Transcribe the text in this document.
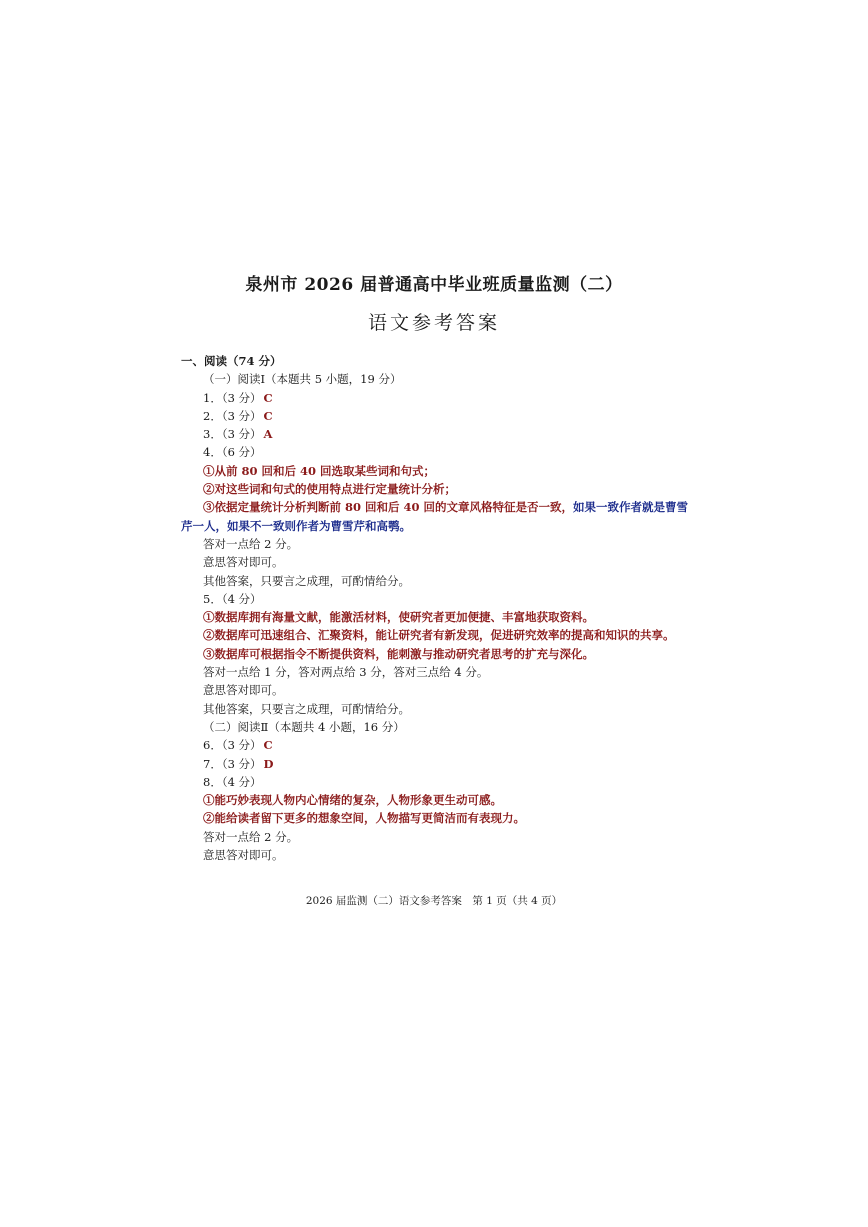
泉州市 2026 届普通高中毕业班质量监测（二）
语文参考答案
一、阅读（74 分）
（一）阅读Ⅰ（本题共 5 小题，19 分）
1．（3 分） C
2．（3 分） C
3．（3 分） A
4．（6 分）
①从前 80 回和后 40 回选取某些词和句式；
②对这些词和句式的使用特点进行定量统计分析；
③依据定量统计分析判断前 80 回和后 40 回的文章风格特征是否一致，如果一致作者就是曹雪芹一人，如果不一致则作者为曹雪芹和高鹗。
答对一点给 2 分。
意思答对即可。
其他答案，只要言之成理，可酌情给分。
5．（4 分）
①数据库拥有海量文献，能激活材料，使研究者更加便捷、丰富地获取资料。
②数据库可迅速组合、汇聚资料，能让研究者有新发现，促进研究效率的提高和知识的共享。
③数据库可根据指令不断提供资料，能刺激与推动研究者思考的扩充与深化。
答对一点给 1 分，答对两点给 3 分，答对三点给 4 分。
意思答对即可。
其他答案，只要言之成理，可酌情给分。
（二）阅读Ⅱ（本题共 4 小题，16 分）
6．（3 分） C
7．（3 分） D
8．（4 分）
①能巧妙表现人物内心情绪的复杂，人物形象更生动可感。
②能给读者留下更多的想象空间，人物描写更简洁而有表现力。
答对一点给 2 分。
意思答对即可。
2026 届监测（二）语文参考答案　第 1 页（共 4 页）
